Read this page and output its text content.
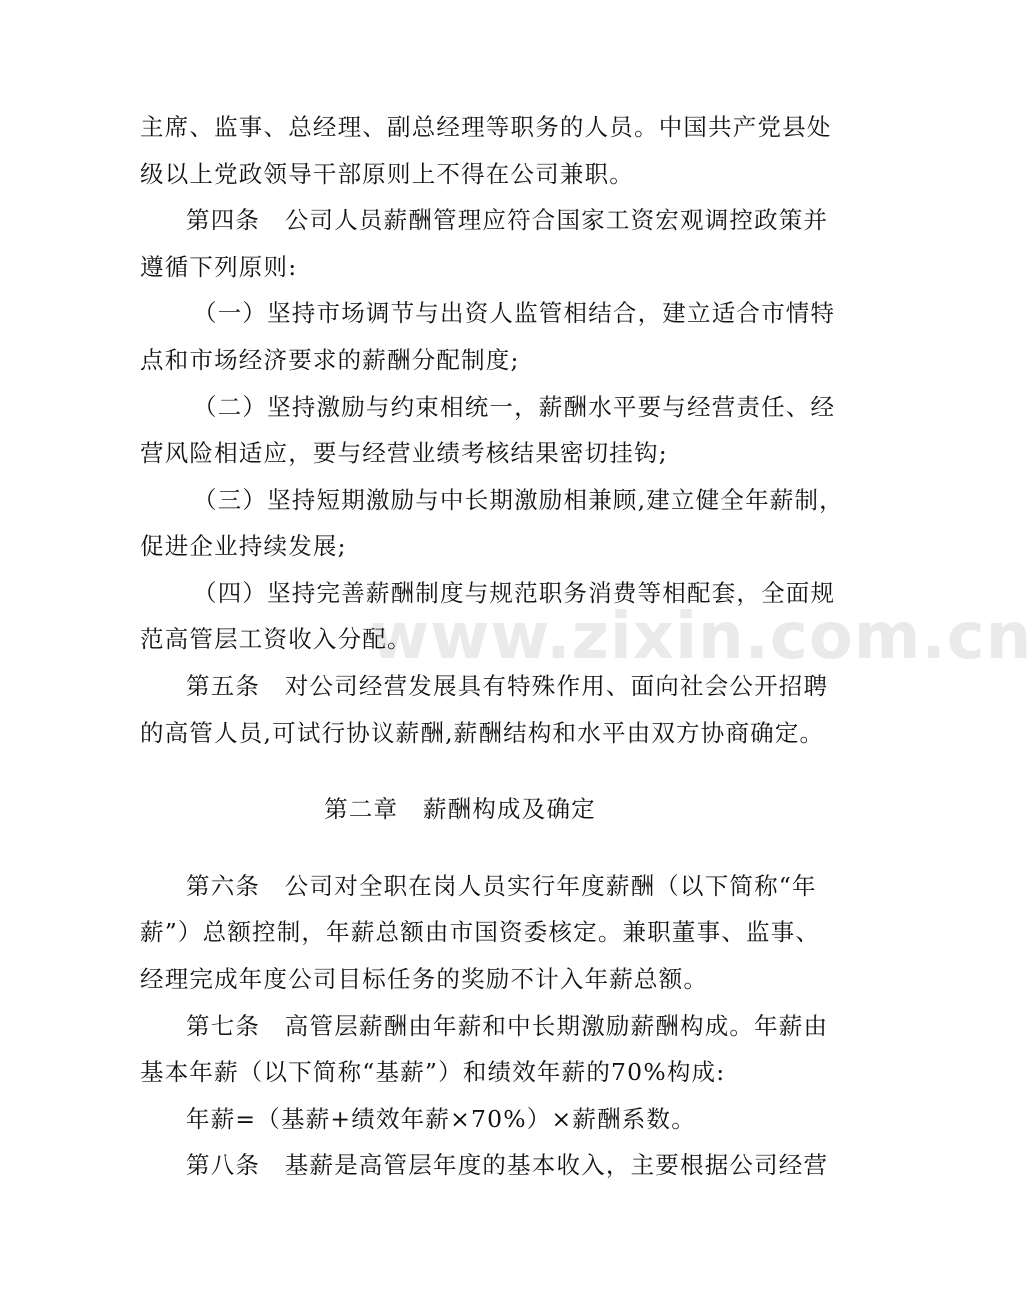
www.zixin.com.cn
主席、监事、总经理、副总经理等职务的人员。中国共产党县处
级以上党政领导干部原则上不得在公司兼职。
第四条　公司人员薪酬管理应符合国家工资宏观调控政策并
遵循下列原则:
（一）坚持市场调节与出资人监管相结合，建立适合市情特
点和市场经济要求的薪酬分配制度;
（二）坚持激励与约束相统一，薪酬水平要与经营责任、经
营风险相适应，要与经营业绩考核结果密切挂钩;
（三）坚持短期激励与中长期激励相兼顾,建立健全年薪制，
促进企业持续发展;
（四）坚持完善薪酬制度与规范职务消费等相配套，全面规
范高管层工资收入分配。
第五条　对公司经营发展具有特殊作用、面向社会公开招聘
的高管人员,可试行协议薪酬,薪酬结构和水平由双方协商确定。
第二章　薪酬构成及确定
第六条　公司对全职在岗人员实行年度薪酬（以下简称“年
薪”）总额控制，年薪总额由市国资委核定。兼职董事、监事、
经理完成年度公司目标任务的奖励不计入年薪总额。
第七条　高管层薪酬由年薪和中长期激励薪酬构成。年薪由
基本年薪（以下简称“基薪”）和绩效年薪的70%构成:
年薪=（基薪+绩效年薪×70%）×薪酬系数。
第八条　基薪是高管层年度的基本收入，主要根据公司经营
